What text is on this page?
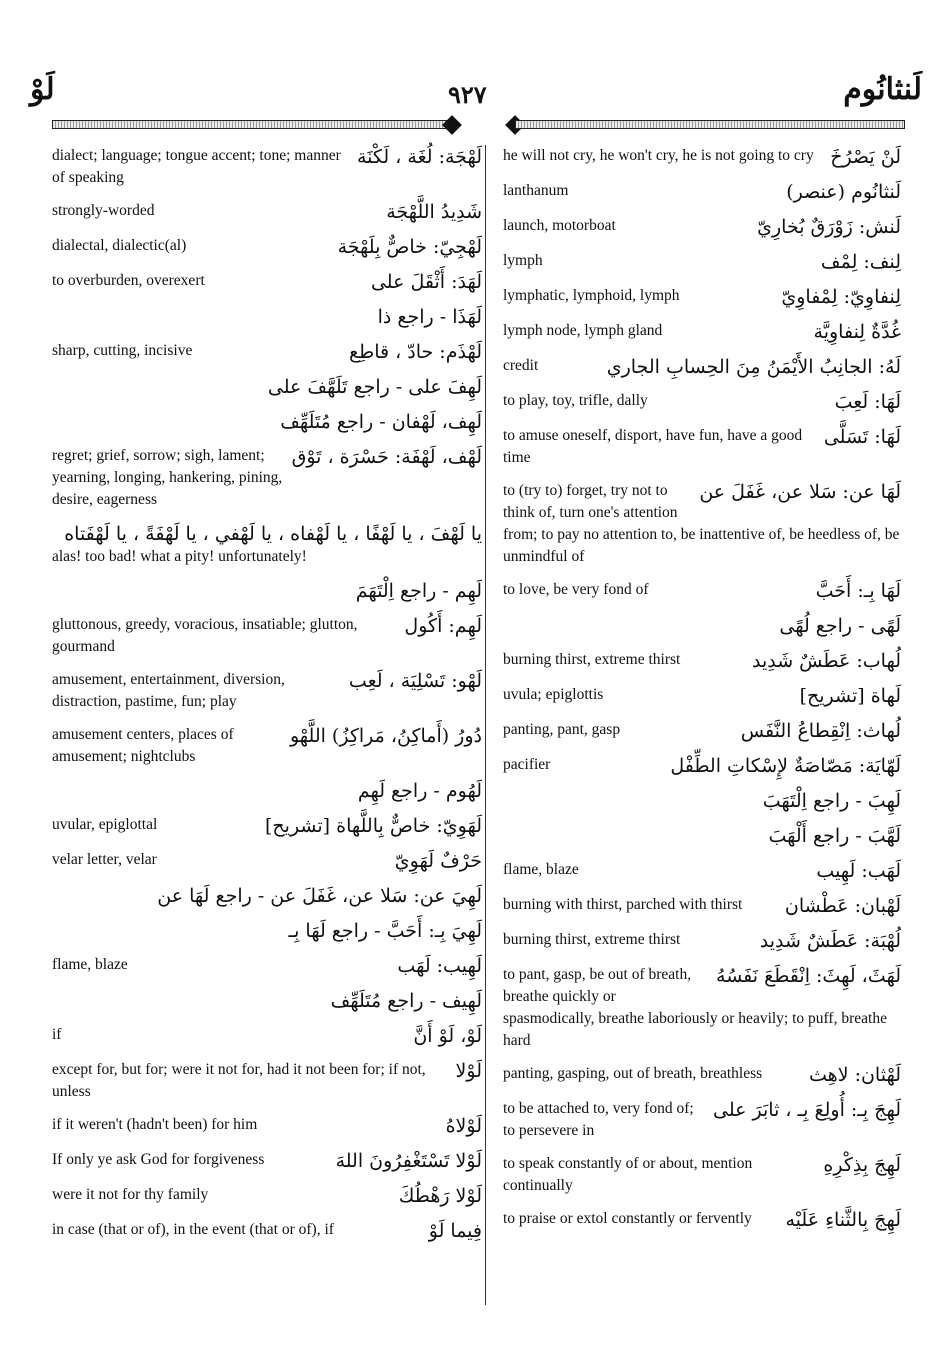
لَوْ	٩٢٧	لَنثانُوم
لَهْجَة: لُغَة ، لَكْنَة
dialect; language; tongue accent; tone; manner of speaking
شَدِيدُ اللَّهْجَة
strongly-worded
لَهْجِيّ: خاصٌّ بِلَهْجَة
dialectal, dialectic(al)
لَهَدَ: أَثْقَلَ على
to overburden, overexert
لَهَذَا - راجع ذا
لَهْذَم: حادّ ، قاطِع
sharp, cutting, incisive
لَهِفَ على - راجع تَلَهَّفَ على
لَهِف، لَهْفان - راجع مُتَلَهِّف
لَهْف، لَهْفَة: حَسْرَة ، تَوْق
regret; grief, sorrow; sigh, lament; yearning, longing, hankering, pining, desire, eagerness
يا لَهْفَ ، يا لَهْفًا ، يا لَهْفاه ، يا لَهْفي ، يا لَهْفَةً ، يا لَهْفَتاه
alas! too bad! what a pity! unfortunately!
لَهِم - راجع اِلْتَهَمَ
لَهِم: أَكُول
gluttonous, greedy, voracious, insatiable; glutton, gourmand
لَهْو: تَسْلِيَة ، لَعِب
amusement, entertainment, diversion, distraction, pastime, fun; play
دُورُ (أَماكِنُ، مَراكِزُ) اللَّهْو
amusement centers, places of amusement; nightclubs
لَهُوم - راجع لَهِم
لَهَوِيّ: خاصٌّ بِاللَّهاة [تشريح]
uvular, epiglottal
حَرْفٌ لَهَوِيّ
velar letter, velar
لَهِيَ عن: سَلا عن، غَفَلَ عن - راجع لَهَا عن
لَهِيَ بِـ: أَحَبَّ - راجع لَهَا بِـ
لَهِيب: لَهَب
flame, blaze
لَهِيف - راجع مُتَلَهِّف
لَوْ، لَوْ أَنَّ
if
لَوْلا
except for, but for; were it not for, had it not been for; if not, unless
لَوْلاهُ
if it weren't (hadn't been) for him
لَوْلا تَسْتَغْفِرُونَ اللهَ
If only ye ask God for forgiveness
لَوْلا رَهْطُكَ
were it not for thy family
فِيما لَوْ
in case (that or of), in the event (that or of), if
لَنْ يَصْرُخَ
he will not cry, he won't cry, he is not going to cry
لَنثانُوم (عنصر)
lanthanum
لَنش: زَوْرَقٌ بُخارِيّ
launch, motorboat
لِنف: لِمْف
lymph
لِنفاوِيّ: لِمْفاوِيّ
lymphatic, lymphoid, lymph
غُدَّةٌ لِنفاوِيَّة
lymph node, lymph gland
لَهُ: الجانِبُ الأَيْمَنُ مِنَ الحِسابِ الجاري
credit
لَهَا: لَعِبَ
to play, toy, trifle, dally
لَهَا: تَسَلَّى
to amuse oneself, disport, have fun, have a good time
لَهَا عن: سَلا عن، غَفَلَ عن
to (try to) forget, try not to think of, turn one's attention from; to pay no attention to, be inattentive of, be heedless of, be unmindful of
لَهَا بِـ: أَحَبَّ
to love, be very fond of
لَهًى - راجع لُهًى
لُهاب: عَطَشٌ شَدِيد
burning thirst, extreme thirst
لَهاة [تشريح]
uvula; epiglottis
لُهاث: اِنْقِطاعُ النَّفَس
panting, pant, gasp
لَهّايَة: مَصّاصَةٌ لإِسْكاتِ الطِّفْل
pacifier
لَهِبَ - راجع اِلْتَهَبَ
لَهَّبَ - راجع أَلْهَبَ
لَهَب: لَهِيب
flame, blaze
لَهْبان: عَطْشان
burning with thirst, parched with thirst
لُهْبَة: عَطَشٌ شَدِيد
burning thirst, extreme thirst
لَهَثَ، لَهِثَ: اِنْقَطَعَ نَفَسُهُ
to pant, gasp, be out of breath, breathe quickly or spasmodically, breathe laboriously or heavily; to puff, breathe hard
لَهْثان: لاهِث
panting, gasping, out of breath, breathless
لَهِجَ بِـ: أُولِعَ بِـ ، ثابَرَ على
to be attached to, very fond of; to persevere in
لَهِجَ بِذِكْرِهِ
to speak constantly of or about, mention continually
لَهِجَ بِالثَّناءِ عَلَيْه
to praise or extol constantly or fervently
